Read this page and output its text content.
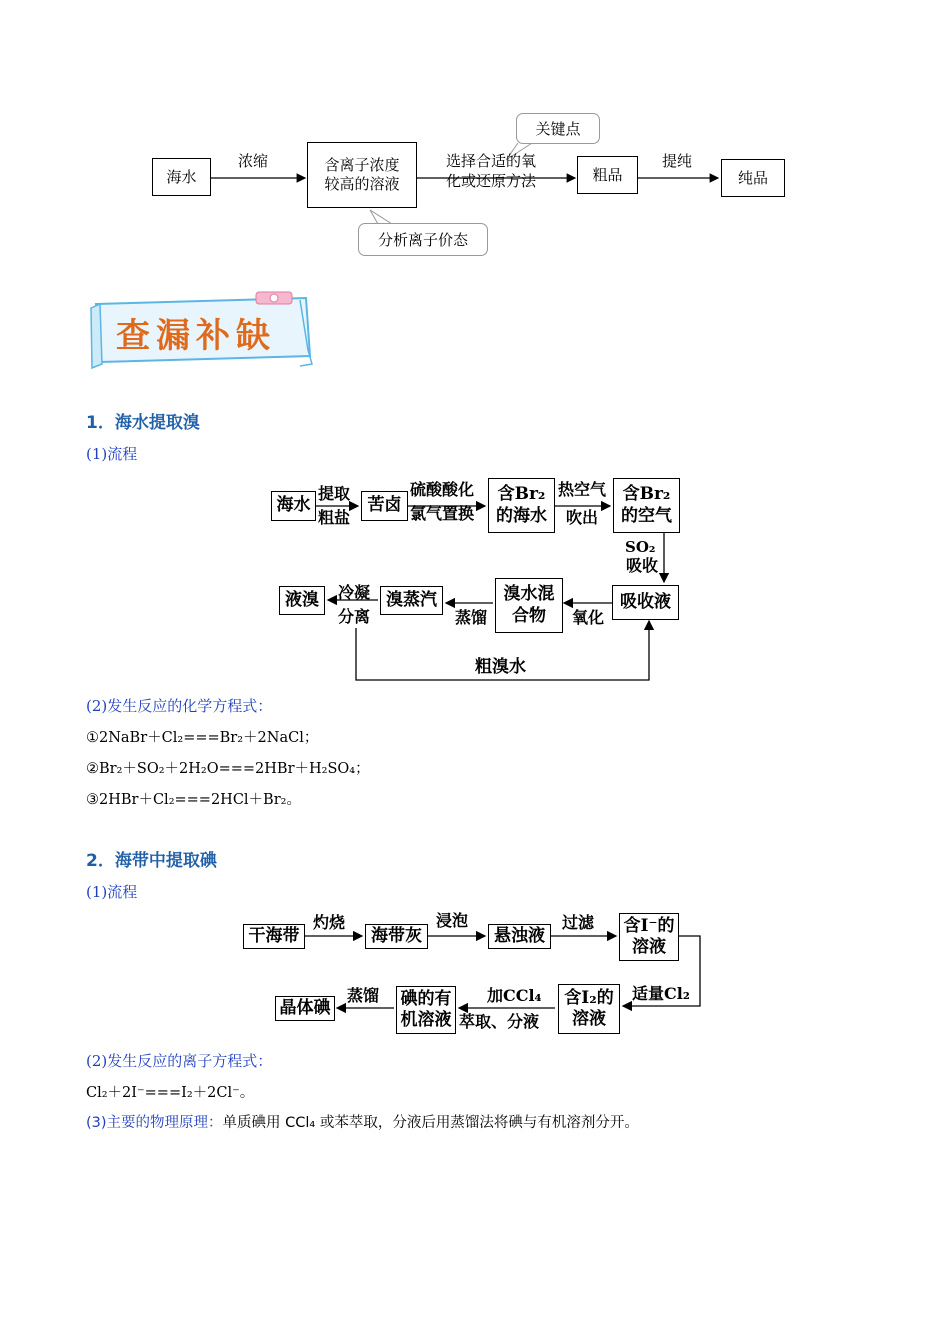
海水
浓缩	含离子浓度
较高的溶液
选择合适的氧
化或还原方法	粗品
提纯
纯品
关键点
分析离子价态
查漏补缺
1．海水提取溴
(1)流程
海水
提取
粗盐
苦卤
硫酸酸化
氯气置换
含Br₂
的海水
热空气
吹出
含Br₂
的空气
SO₂
吸收
吸收液
氧化
溴水混
合物
蒸馏
溴蒸汽
冷凝
分离
液溴
粗溴水
(2)发生反应的化学方程式：
①2NaBr＋Cl₂===Br₂＋2NaCl；
②Br₂＋SO₂＋2H₂O===2HBr＋H₂SO₄；
③2HBr＋Cl₂===2HCl＋Br₂。
2．海带中提取碘
(1)流程
干海带
灼烧
海带灰
浸泡
悬浊液
过滤 含I⁻的
溶液
适量Cl₂
含I₂的
溶液
加CCl₄
萃取、分液
碘的有
机溶液
蒸馏
晶体碘
(2)发生反应的离子方程式：
Cl₂＋2I⁻===I₂＋2Cl⁻。
(3)主要的物理原理：单质碘用 CCl₄ 或苯萃取，分液后用蒸馏法将碘与有机溶剂分开。
